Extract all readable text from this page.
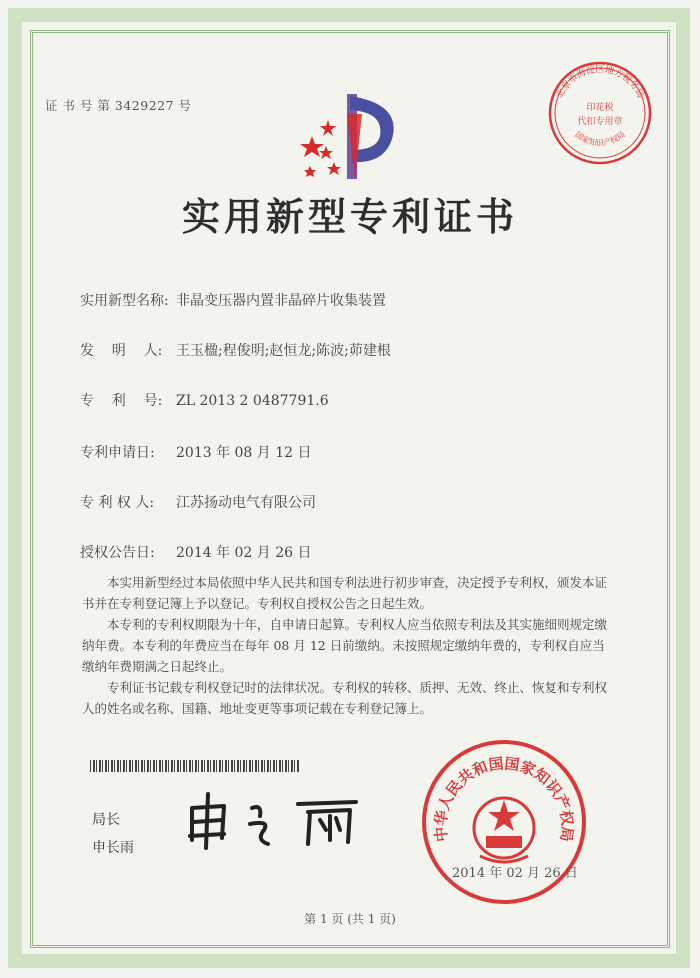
证 书 号 第 3429227 号
北京市海淀区地方税务局
印花税
代扣专用章
国家知识产权局
实用新型专利证书
实用新型名称: 非晶变压器内置非晶碎片收集装置
发    明    人: 王玉楹;程俊明;赵恒龙;陈波;茆建根
专    利    号: ZL 2013 2 0487791.6
专利申请日: 2013 年 08 月 12 日
专 利 权 人: 江苏扬动电气有限公司
授权公告日: 2014 年 02 月 26 日
本实用新型经过本局依照中华人民共和国专利法进行初步审查，决定授予专利权，颁发本证书并在专利登记簿上予以登记。专利权自授权公告之日起生效。
本专利的专利权期限为十年，自申请日起算。专利权人应当依照专利法及其实施细则规定缴纳年费。本专利的年费应当在每年 08 月 12 日前缴纳。未按照规定缴纳年费的，专利权自应当缴纳年费期满之日起终止。
专利证书记载专利权登记时的法律状况。专利权的转移、质押、无效、终止、恢复和专利权人的姓名或名称、国籍、地址变更等事项记载在专利登记簿上。
局长
申长雨
中华人民共和国国家知识产权局
2014 年 02 月 26 日
第 1 页 (共 1 页)
